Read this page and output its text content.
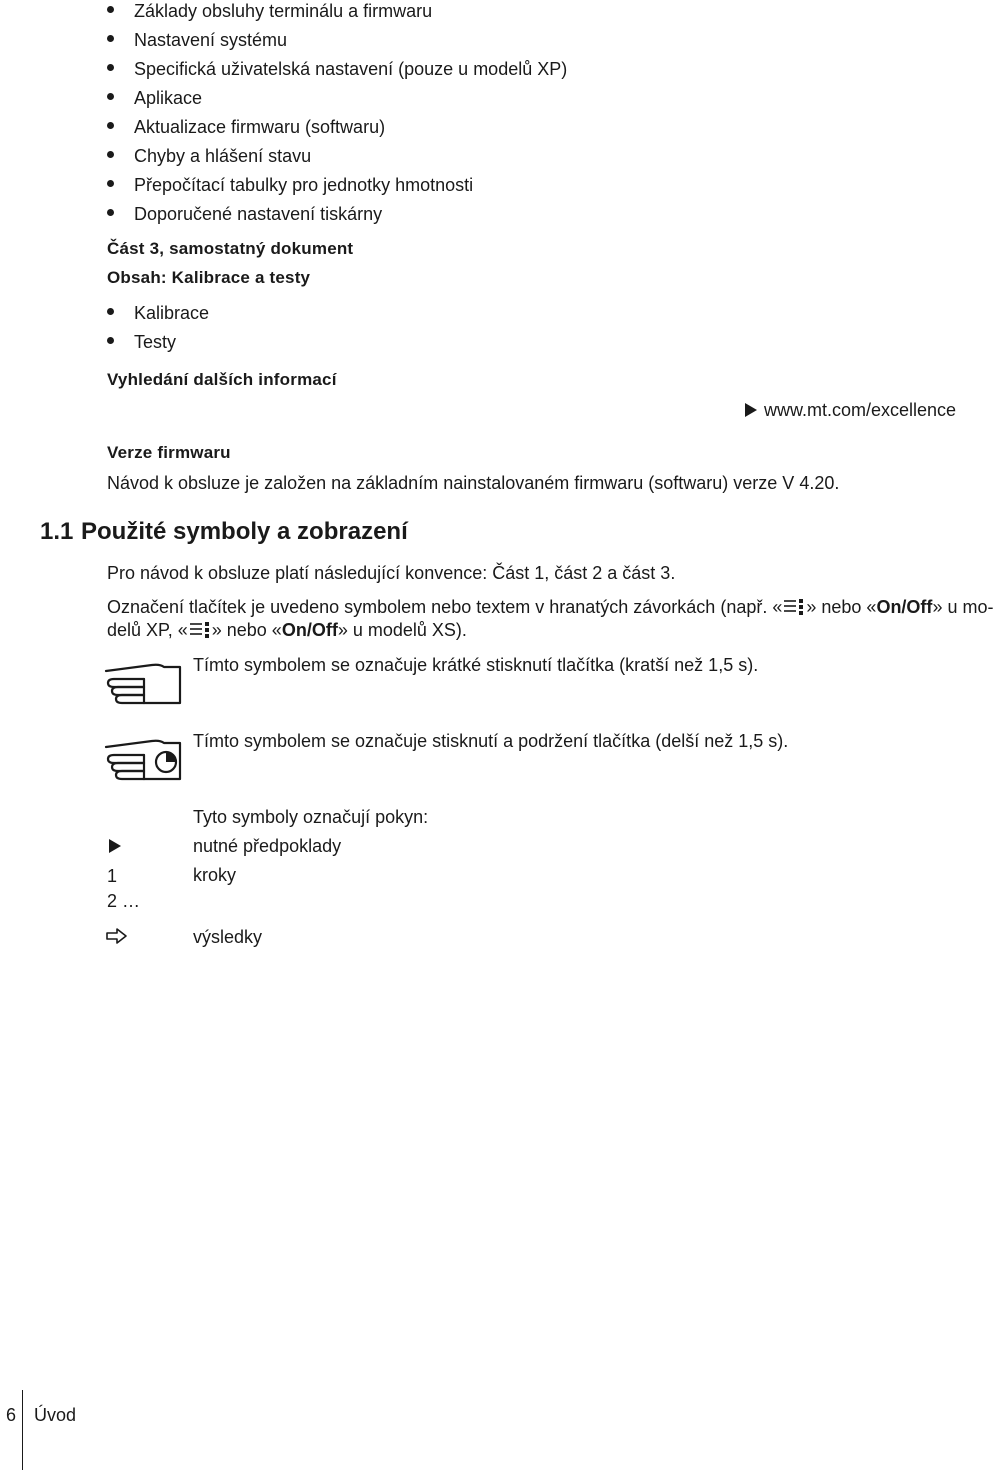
Základy obsluhy terminálu a firmwaru
Nastavení systému
Specifická uživatelská nastavení (pouze u modelů XP)
Aplikace
Aktualizace firmwaru (softwaru)
Chyby a hlášení stavu
Přepočítací tabulky pro jednotky hmotnosti
Doporučené nastavení tiskárny
Část 3, samostatný dokument
Obsah: Kalibrace a testy
Kalibrace
Testy
Vyhledání dalších informací
www.mt.com/excellence
Verze firmwaru
Návod k obsluze je založen na základním nainstalovaném firmwaru (softwaru) verze V 4.20.
1.1 Použité symboly a zobrazení
Pro návod k obsluze platí následující konvence: Část 1, část 2 a část 3.
Označení tlačítek je uvedeno symbolem nebo textem v hranatých závorkách (např. « » nebo «On/Off» u mo-
delů XP, « » nebo «On/Off» u modelů XS).
Tímto symbolem se označuje krátké stisknutí tlačítka (kratší než 1,5 s).
Tímto symbolem se označuje stisknutí a podržení tlačítka (delší než 1,5 s).
Tyto symboly označují pokyn:
nutné předpoklady
1
2 …
kroky
výsledky
6	Úvod
